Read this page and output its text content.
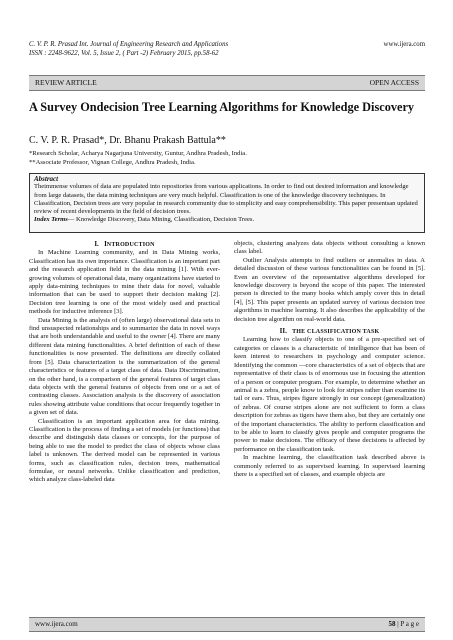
C. V. P. R. Prasad Int. Journal of Engineering Research and Applications
ISSN : 2248-9622, Vol. 5, Issue 2, ( Part -2) February 2015, pp.58-62
www.ijera.com
REVIEW ARTICLE	OPEN ACCESS
A Survey Ondecision Tree Learning Algorithms for Knowledge Discovery
C. V. P. R. Prasad*, Dr. Bhanu Prakash Battula**
*Research Scholar, Acharya Nagarjuna University, Guntur, Andhra Pradesh, India.
**Associate Professor, Vignan College, Andhra Pradesh, India.
Abstract
Theimmense volumes of data are populated into repositories from various applications. In order to find out desired information and knowledge from large datasets, the data mining techniques are very much helpful. Classification is one of the knowledge discovery techniques. In Classification, Decision trees are very popular in research community due to simplicity and easy comprehensibility. This paper presentsan updated review of recent developments in the field of decision trees.
Index Terms— Knowledge Discovery, Data Mining, Classification, Decision Trees.

I. INTRODUCTION

In Machine Learning community, and in Data Mining works, Classification has its own importance. Classification is an important part and the research application field in the data mining [1]. With ever-growing volumes of operational data, many organizations have started to apply data-mining techniques to mine their data for novel, valuable information that can be used to support their decision making [2]. Decision tree learning is one of the most widely used and practical methods for inductive inference [3].

Data Mining is the analysis of (often large) observational data sets to find unsuspected relationships and to summarize the data in novel ways that are both understandable and useful to the owner [4]. There are many different data mining functionalities. A brief definition of each of these functionalities is now presented. The definitions are directly collated from [5]. Data characterization is the summarization of the general characteristics or features of a target class of data. Data Discrimination, on the other hand, is a comparison of the general features of target class data objects with the general features of objects from one or a set of contrasting classes. Association analysis is the discovery of association rules showing attribute value conditions that occur frequently together in a given set of data.

Classification is an important application area for data mining. Classification is the process of finding a set of models (or functions) that describe and distinguish data classes or concepts, for the purpose of being able to use the model to predict the class of objects whose class label is unknown. The derived model can be represented in various forms, such as classification rules, decision trees, mathematical formulae, or neural networks. Unlike classification and prediction, which analyze class-labeled data

objects, clustering analyzes data objects without consulting a known class label.

Outlier Analysis attempts to find outliers or anomalies in data. A detailed discussion of these various functionalities can be found in [5]. Even an overview of the representative algorithms developed for knowledge discovery is beyond the scope of this paper. The interested person is directed to the many books which amply cover this in detail [4], [5]. This paper presents an updated survey of various decision tree algorithms in machine learning. It also describes the applicability of the decision tree algorithm on real-world data.

II. THE CLASSIFICATION TASK

Learning how to classify objects to one of a pre-specified set of categories or classes is a characteristic of intelligence that has been of keen interest to researchers in psychology and computer science. Identifying the common ―core characteristics of a set of objects that are representative of their class is of enormous use in focusing the attention of a person or computer program. For example, to determine whether an animal is a zebra, people know to look for stripes rather than examine its tail or ears. Thus, stripes figure strongly in our concept (generalization) of zebras. Of course stripes alone are not sufficient to form a class description for zebras as tigers have them also, but they are certainly one of the important characteristics. The ability to perform classification and to be able to learn to classify gives people and computer programs the power to make decisions. The efficacy of these decisions is affected by performance on the classification task.

In machine learning, the classification task described above is commonly referred to as supervised learning. In supervised learning there is a specified set of classes, and example objects are

www.ijera.com	58 | P a g e
